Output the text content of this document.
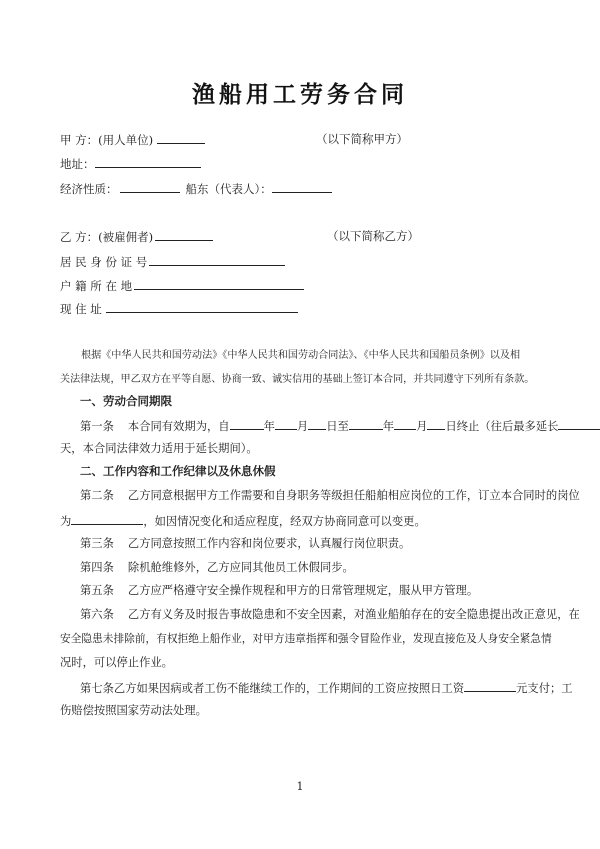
渔船用工劳务合同
甲 方：(用人单位)	（以下简称甲方）
地址：
经济性质：	船东（代表人）：
乙 方：(被雇佣者)	（以下简称乙方）
居 民 身 份 证 号
户 籍 所 在 地
现 住 址
根据《中华人民共和国劳动法》《中华人民共和国劳动合同法》、《中华人民共和国船员条例》以及相
关法律法规，甲乙双方在平等自愿、协商一致、诚实信用的基础上签订本合同，并共同遵守下列所有条款。
一、劳动合同期限
第一条 本合同有效期为，自	年 月 日至	年 月 日终止（往后最多延长
天，本合同法律效力适用于延长期间）。
二、工作内容和工作纪律以及休息休假
第二条 乙方同意根据甲方工作需要和自身职务等级担任船舶相应岗位的工作，订立本合同时的岗位
为	，如因情况变化和适应程度，经双方协商同意可以变更。
第三条 乙方同意按照工作内容和岗位要求，认真履行岗位职责。
第四条 除机舱维修外，乙方应同其他员工休假同步。
第五条 乙方应严格遵守安全操作规程和甲方的日常管理规定，服从甲方管理。
第六条 乙方有义务及时报告事故隐患和不安全因素，对渔业船舶存在的安全隐患提出改正意见，在
安全隐患未排除前，有权拒绝上船作业，对甲方违章指挥和强令冒险作业，发现直接危及人身安全紧急情
况时，可以停止作业。
第七条乙方如果因病或者工伤不能继续工作的，工作期间的工资应按照日工资	元支付；工
伤赔偿按照国家劳动法处理。
1
